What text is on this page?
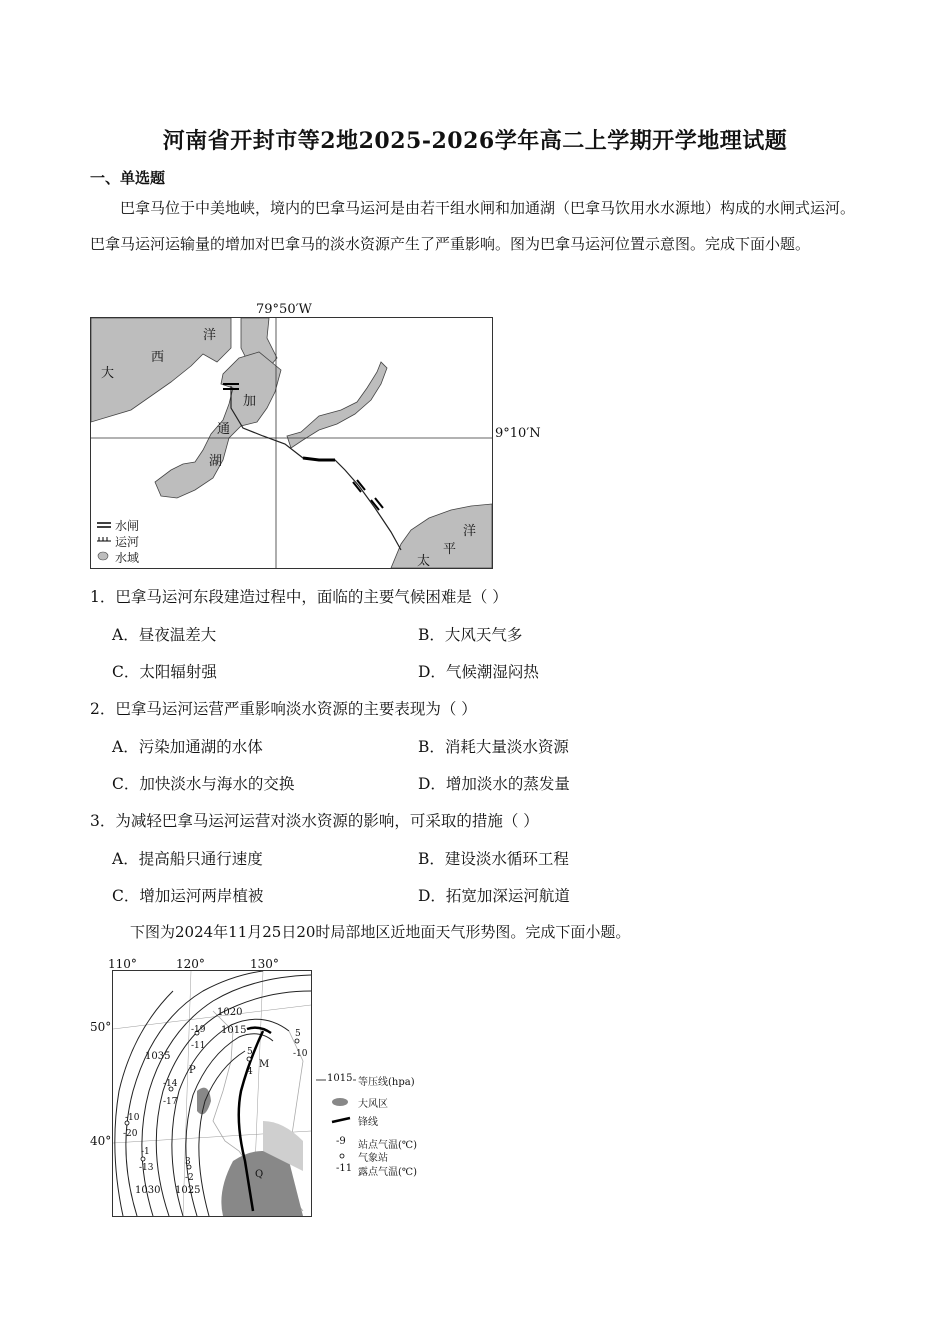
河南省开封市等2地2025-2026学年高二上学期开学地理试题
一、单选题
巴拿马位于中美地峡，境内的巴拿马运河是由若干组水闸和加通湖（巴拿马饮用水水源地）构成的水闸式运河。巴拿马运河运输量的增加对巴拿马的淡水资源产生了严重影响。图为巴拿马运河位置示意图。完成下面小题。
79°50′W
9°10′N
大
西
洋
加
通
湖
太
平
洋
水闸
运河
水域
1．巴拿马运河东段建造过程中，面临的主要气候困难是（ ）
A．昼夜温差大	B．大风天气多
C．太阳辐射强	D．气候潮湿闷热
2．巴拿马运河运营严重影响淡水资源的主要表现为（ ）
A．污染加通湖的水体	B．消耗大量淡水资源
C．加快淡水与海水的交换	D．增加淡水的蒸发量
3．为减轻巴拿马运河运营对淡水资源的影响，可采取的措施（ ）
A．提高船只通行速度	B．建设淡水循环工程
C．增加运河两岸植被	D．拓宽加深运河航道
下图为2024年11月25日20时局部地区近地面天气形势图。完成下面小题。
110°	120°	130°
50°
40°
1020
1015
1035
1030 1025
P
M
Q
-19
-11
5
4
5
-10
-14
-17
-10
-20
-1
-13
3
-2
1015 等压线(hpa)
大风区
锋线
-9 站点气温(℃)
气象站
-11 露点气温(℃)
